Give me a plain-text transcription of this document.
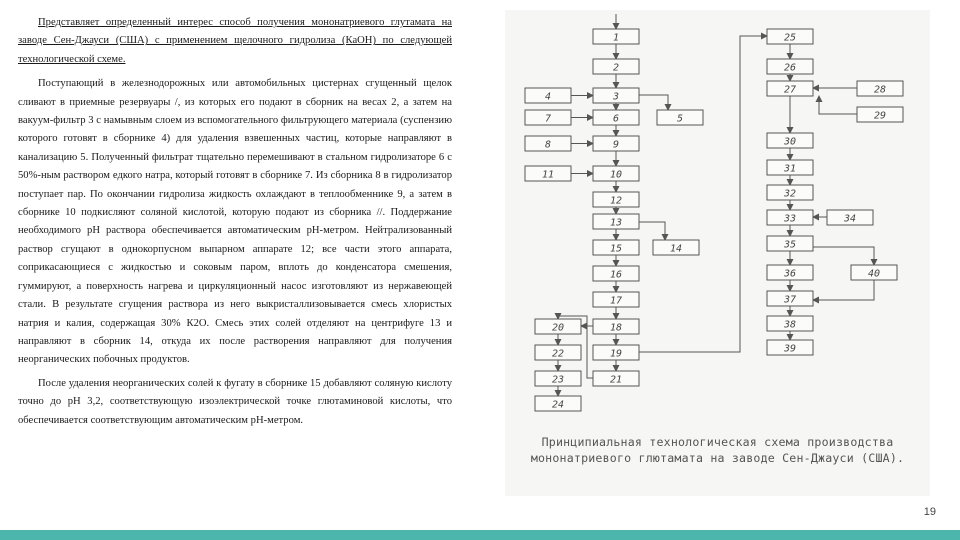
Представляет определенный интерес способ получения мононатриевого глутамата на заводе Сен-Джауси (США) с применением щелочного гидролиза (КаОН) по следующей технологической схеме.

Поступающий в железнодорожных или автомобильных цистернах сгущенный щелок сливают в приемные резервуары /, из которых его подают в сборник на весах 2, а затем на вакуум-фильтр 3 с намывным слоем из вспомогательного фильтрующего материала (суспензию которого готовят в сборнике 4) для удаления взвешенных частиц, которые направляют в канализацию 5. Полученный фильтрат тщательно перемешивают в стальном гидролизаторе 6 с 50%-ным раствором едкого натра, который готовят в сборнике 7. Из сборника 8 в гидролизатор поступает пар. По окончании гидролиза жидкость охлаждают в теплообменнике 9, а затем в сборнике 10 подкисляют соляной кислотой, которую подают из сборника //. Поддержание необходимого рН раствора обеспечивается автоматическим рН-метром. Нейтрализованный раствор сгущают в однокорпусном выпарном аппарате 12; все части этого аппарата, соприкасающиеся с жидкостью и соковым паром, вплоть до конденсатора смешения, гуммируют, а поверхность нагрева и циркуляционный насос изготовляют из нержавеющей стали. В результате сгущения раствора из него выкристаллизовывается смесь хлористых натрия и калия, содержащая 30% К2О. Смесь этих солей отделяют на центрифуге 13 и направляют в сборник 14, откуда их после растворения направляют для получения неорганических побочных продуктов.

После удаления неорганических солей к фугату в сборнике 15 добавляют соляную кислоту точно до рН 3,2, соответствующую изоэлектрической точке глютаминовой кислоты, что обеспечивается соответствующим автоматическим рН-метром.

1
2
3
6
9
10
12
13
15
16
17
18
19
4
7
8
11
5
14
20
22
23
24
21
25
26
27
30
31
32
33
35
36
37
38
39
28
29
34
40
Принципиальная технологическая схема производства мононатриевого глютамата на заводе Сен-Джауси (США).
19
